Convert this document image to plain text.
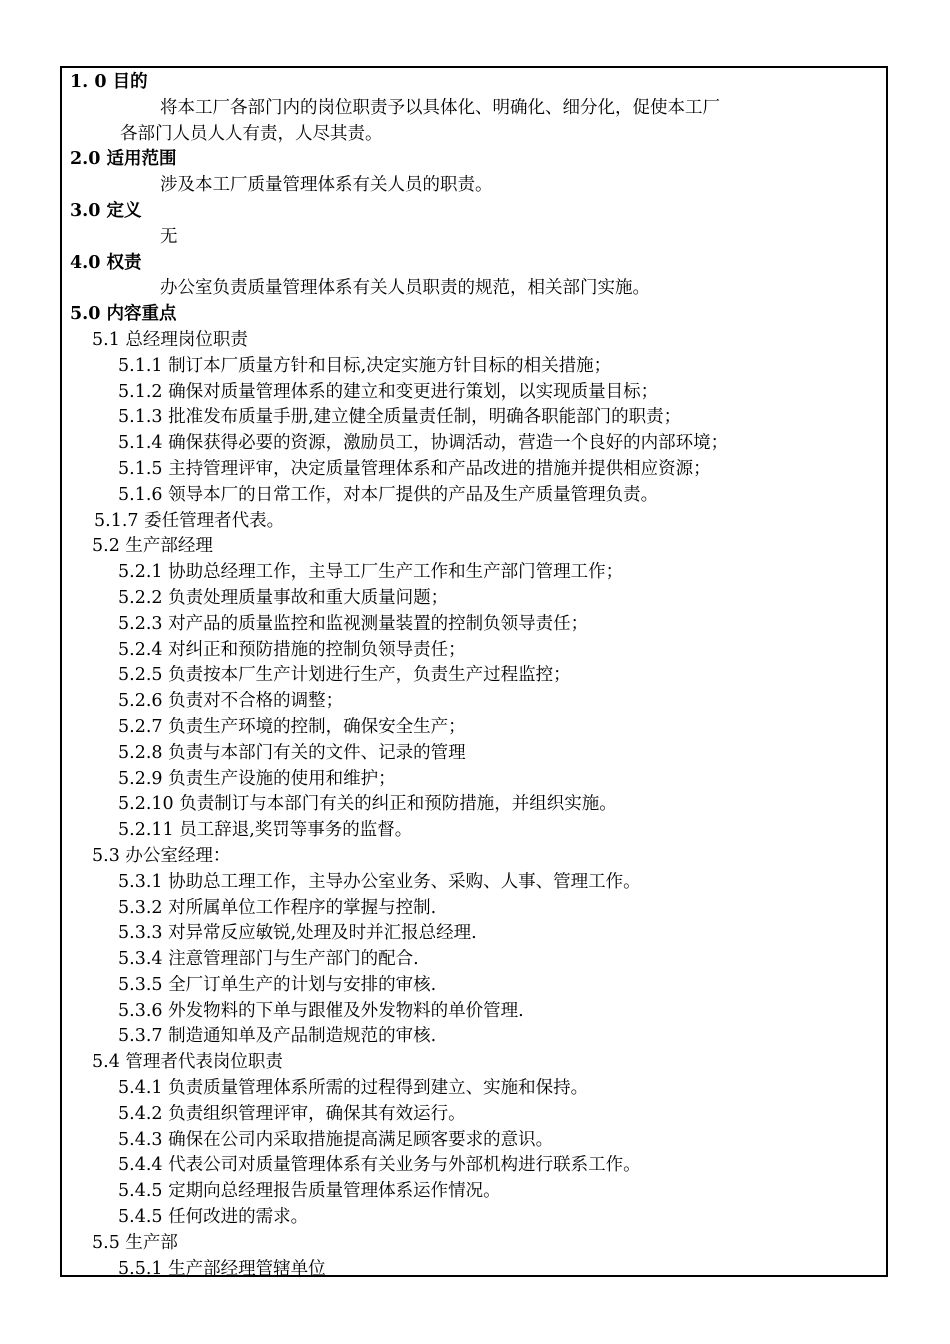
1. 0 目的
将本工厂各部门内的岗位职责予以具体化、明确化、细分化，促使本工厂
各部门人员人人有责，人尽其责。
2.0 适用范围
涉及本工厂质量管理体系有关人员的职责。
3.0 定义
无
4.0 权责
办公室负责质量管理体系有关人员职责的规范，相关部门实施。
5.0 内容重点
5.1 总经理岗位职责
5.1.1 制订本厂质量方针和目标,决定实施方针目标的相关措施；
5.1.2 确保对质量管理体系的建立和变更进行策划，以实现质量目标；
5.1.3 批准发布质量手册,建立健全质量责任制，明确各职能部门的职责；
5.1.4 确保获得必要的资源，激励员工，协调活动，营造一个良好的内部环境；
5.1.5 主持管理评审，决定质量管理体系和产品改进的措施并提供相应资源；
5.1.6 领导本厂的日常工作，对本厂提供的产品及生产质量管理负责。
5.1.7 委任管理者代表。
5.2 生产部经理
5.2.1 协助总经理工作，主导工厂生产工作和生产部门管理工作；
5.2.2 负责处理质量事故和重大质量问题；
5.2.3 对产品的质量监控和监视测量装置的控制负领导责任；
5.2.4 对纠正和预防措施的控制负领导责任；
5.2.5 负责按本厂生产计划进行生产，负责生产过程监控；
5.2.6 负责对不合格的调整；
5.2.7 负责生产环境的控制，确保安全生产；
5.2.8 负责与本部门有关的文件、记录的管理
5.2.9 负责生产设施的使用和维护；
5.2.10 负责制订与本部门有关的纠正和预防措施，并组织实施。
5.2.11 员工辞退,奖罚等事务的监督。
5.3 办公室经理：
5.3.1 协助总工理工作，主导办公室业务、采购、人事、管理工作。
5.3.2 对所属单位工作程序的掌握与控制.
5.3.3 对异常反应敏锐,处理及时并汇报总经理.
5.3.4 注意管理部门与生产部门的配合.
5.3.5 全厂订单生产的计划与安排的审核.
5.3.6 外发物料的下单与跟催及外发物料的单价管理.
5.3.7 制造通知单及产品制造规范的审核.
5.4 管理者代表岗位职责
5.4.1 负责质量管理体系所需的过程得到建立、实施和保持。
5.4.2 负责组织管理评审，确保其有效运行。
5.4.3 确保在公司内采取措施提高满足顾客要求的意识。
5.4.4 代表公司对质量管理体系有关业务与外部机构进行联系工作。
5.4.5 定期向总经理报告质量管理体系运作情况。
5.4.5 任何改进的需求。
5.5 生产部
5.5.1 生产部经理管辖单位
